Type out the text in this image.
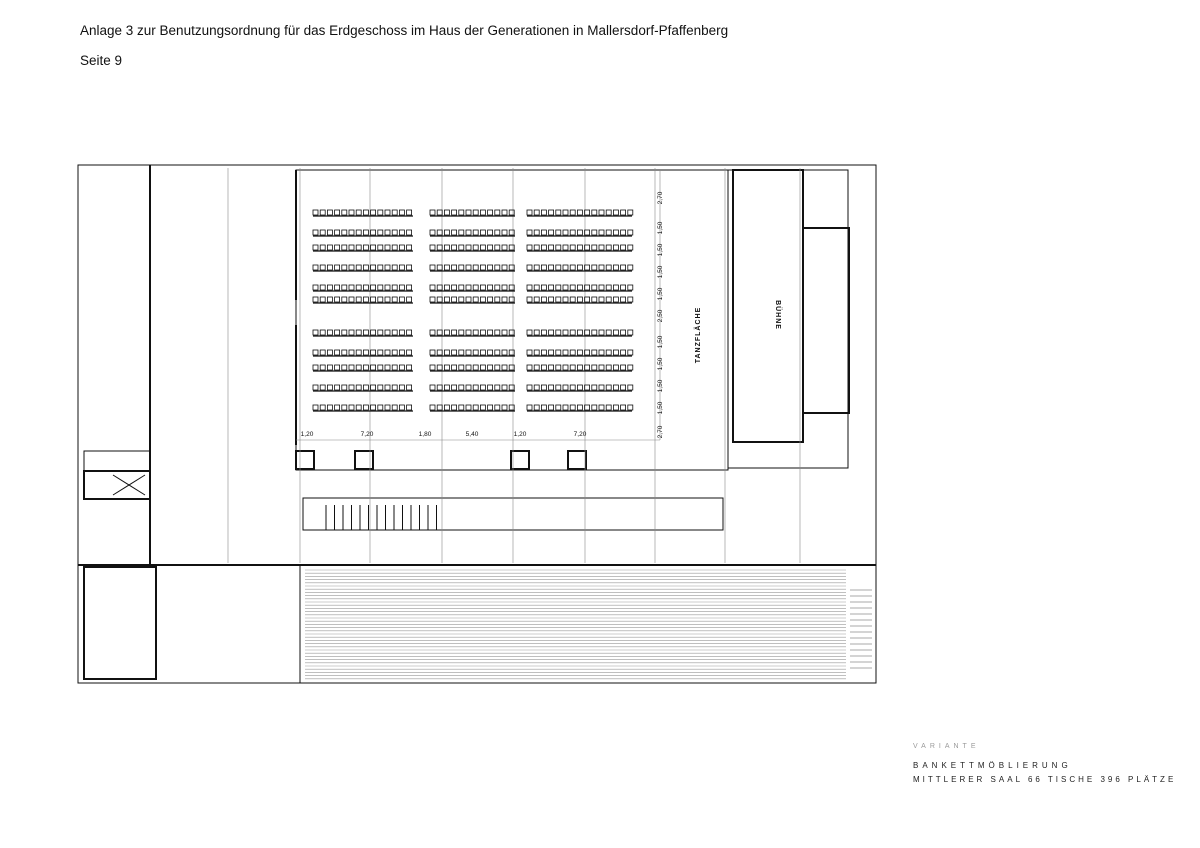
Anlage 3 zur Benutzungsordnung für das Erdgeschoss im Haus der Generationen in Mallersdorf-Pfaffenberg
Seite 9
TANZFLÄCHE	BÜHNE
1,20	7,20	1,80	5,40	1,20	7,20
2,70
1,50
1,50
1,50
1,50
2,50
1,50
1,50
1,50
1,50
2,70
VARIANTE
BANKETTMÖBLIERUNG
MITTLERER SAAL 66 TISCHE 396 PLÄTZE
